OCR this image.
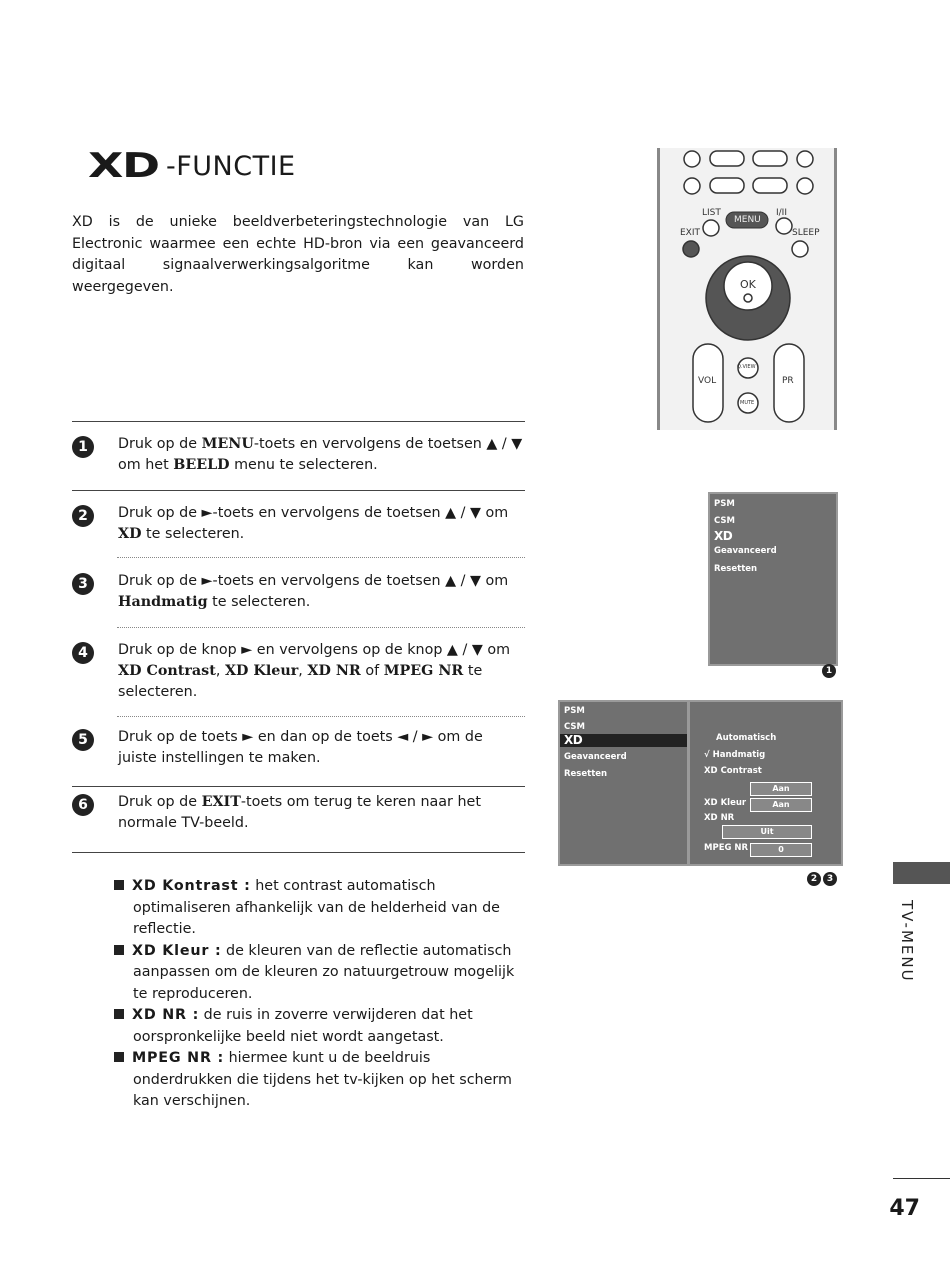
XD -FUNCTIE
XD is de unieke beeldverbeteringstechnologie van LG Electronic waarmee een echte HD-bron via een geavanceerd digitaal signaalverwerkingsalgoritme kan worden weergegeven.
1	Druk op de MENU-toets en vervolgens de toetsen ▲ / ▼ om het BEELD menu te selecteren.
2	Druk op de ►-toets en vervolgens de toetsen ▲ / ▼ om XD te selecteren.
3	Druk op de ►-toets en vervolgens de toetsen ▲ / ▼ om Handmatig te selecteren.
4	Druk op de knop ► en vervolgens op de knop ▲ / ▼ om XD Contrast, XD Kleur, XD NR of MPEG NR te selecteren.
5	Druk op de toets ► en dan op de toets ◄ / ► om de juiste instellingen te maken.
6	Druk op de EXIT-toets om terug te keren naar het normale TV-beeld.
XD Kontrast : het contrast automatisch optimaliseren afhankelijk van de helderheid van de reflectie.
XD Kleur : de kleuren van de reflectie automatisch aanpassen om de kleuren zo natuurgetrouw mogelijk te reproduceren.
XD NR : de ruis in zoverre verwijderen dat het oorspronkelijke beeld niet wordt aangetast.
MPEG NR : hiermee kunt u de beeldruis onderdrukken die tijdens het tv-kijken op het scherm kan verschijnen.
LIST
MENU
I/II
EXIT	SLEEP
OK
VOL	PR
Q.VIEW
MUTE
PSM
CSM
XD
Geavanceerd
Resetten
1
PSM
CSM
XD
Geavanceerd
Resetten
Automatisch
√ Handmatig
XD Contrast
Aan
XD Kleur	Aan
XD NR
Uit
MPEG NR	0
2	3
TV-MENU
47
